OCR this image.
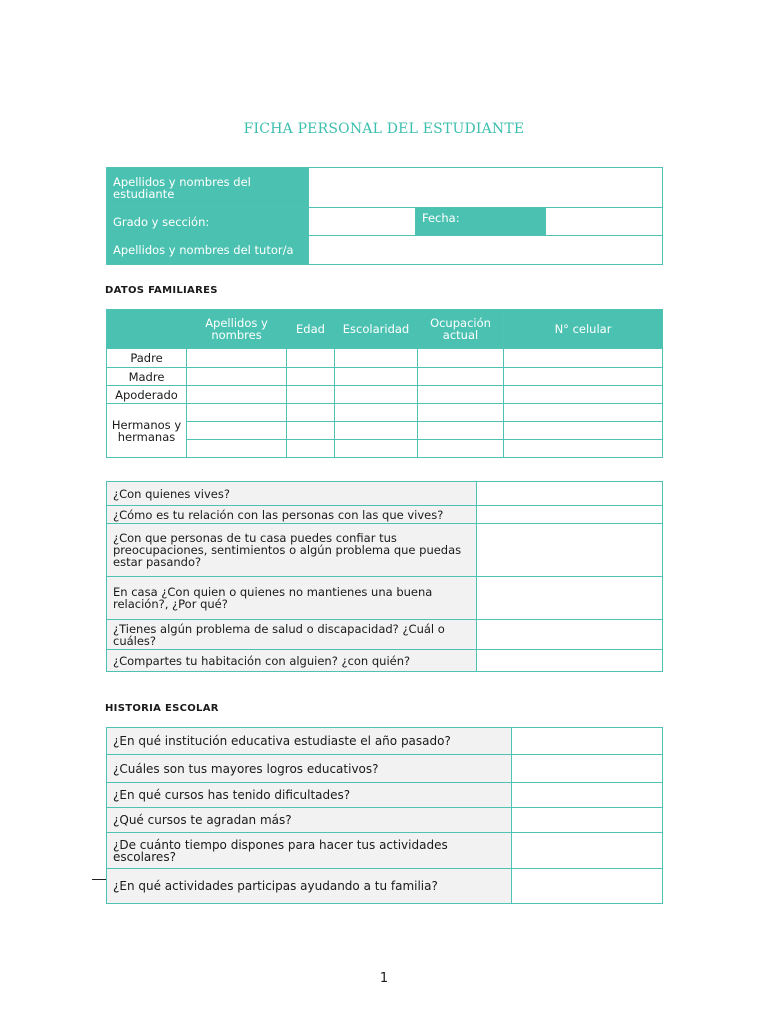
FICHA PERSONAL DEL ESTUDIANTE
Apellidos y nombres del estudiante			
Grado y sección:		Fecha:	
Apellidos y nombres del tutor/a			
DATOS FAMILIARES
	Apellidos y nombres	Edad	Escolaridad	Ocupación actual	N° celular
Padre					
Madre					
Apoderado					
Hermanos y hermanas					

¿Con quienes vives?	
¿Cómo es tu relación con las personas con las que vives?	
¿Con que personas de tu casa puedes confiar tus preocupaciones, sentimientos o algún problema que puedas estar pasando?	
En casa ¿Con quien o quienes no mantienes una buena relación?, ¿Por qué?	
¿Tienes algún problema de salud o discapacidad? ¿Cuál o cuáles?	
¿Compartes tu habitación con alguien? ¿con quién?	
HISTORIA ESCOLAR
¿En qué institución educativa estudiaste el año pasado?	
¿Cuáles son tus mayores logros educativos?	
¿En qué cursos has tenido dificultades?	
¿Qué cursos te agradan más?	
¿De cuánto tiempo dispones para hacer tus actividades escolares?	
¿En qué actividades participas ayudando a tu familia?	
1
